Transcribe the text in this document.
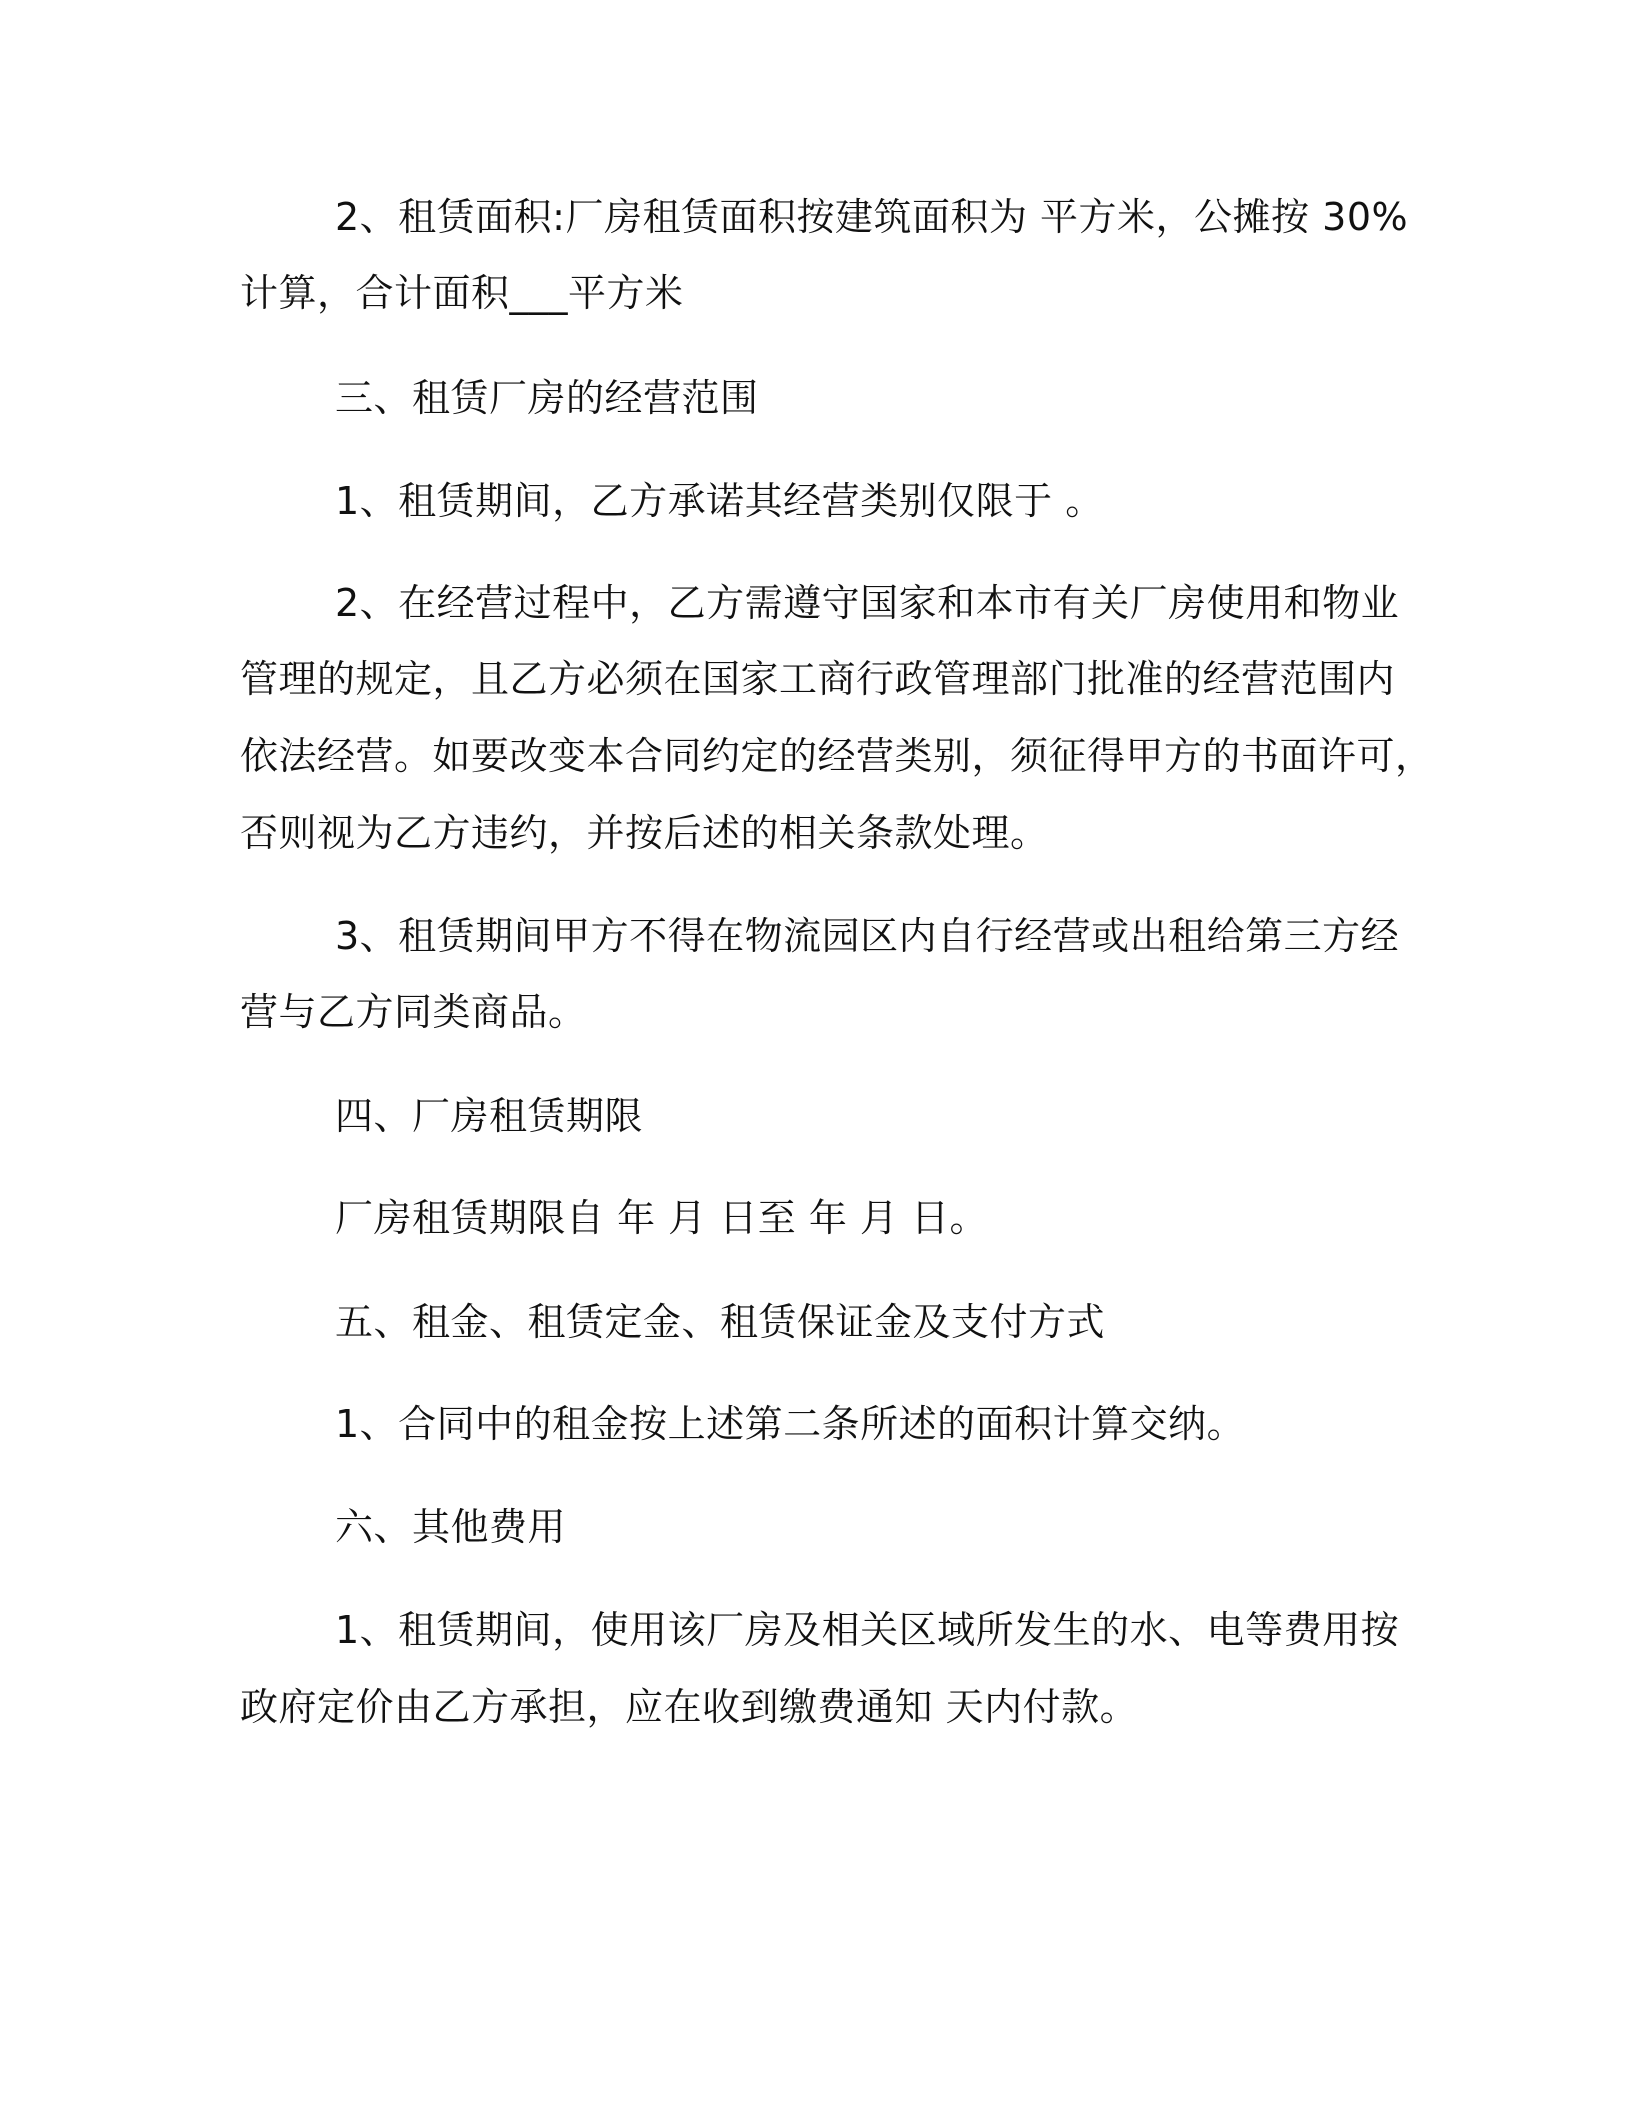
2、租赁面积:厂房租赁面积按建筑面积为 平方米，公摊按 30%
计算，合计面积___平方米
三、租赁厂房的经营范围
1、租赁期间，乙方承诺其经营类别仅限于 。
2、在经营过程中，乙方需遵守国家和本市有关厂房使用和物业
管理的规定，且乙方必须在国家工商行政管理部门批准的经营范围内
依法经营。如要改变本合同约定的经营类别，须征得甲方的书面许可，
否则视为乙方违约，并按后述的相关条款处理。
3、租赁期间甲方不得在物流园区内自行经营或出租给第三方经
营与乙方同类商品。
四、厂房租赁期限
厂房租赁期限自 年 月 日至 年 月 日。
五、租金、租赁定金、租赁保证金及支付方式
1、合同中的租金按上述第二条所述的面积计算交纳。
六、其他费用
1、租赁期间，使用该厂房及相关区域所发生的水、电等费用按
政府定价由乙方承担，应在收到缴费通知 天内付款。
